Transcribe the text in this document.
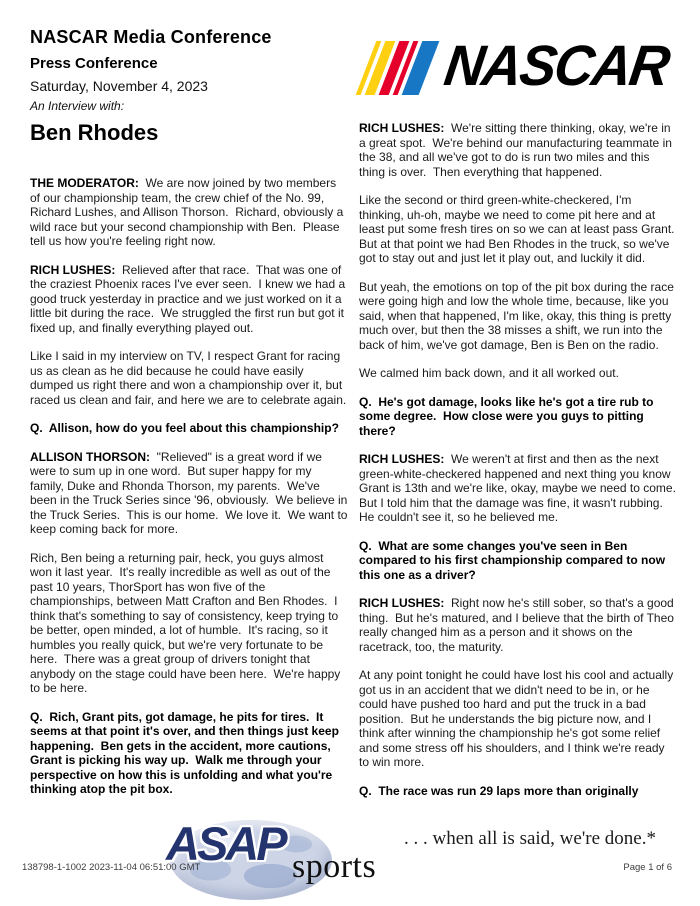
NASCAR Media Conference
Press Conference
Saturday, November 4, 2023
An Interview with:
Ben Rhodes
NASCAR

THE MODERATOR:  We are now joined by two members of our championship team, the crew chief of the No. 99, Richard Lushes, and Allison Thorson.  Richard, obviously a wild race but your second championship with Ben.  Please tell us how you're feeling right now.

RICH LUSHES:  Relieved after that race.  That was one of the craziest Phoenix races I've ever seen.  I knew we had a good truck yesterday in practice and we just worked on it a little bit during the race.  We struggled the first run but got it fixed up, and finally everything played out.

Like I said in my interview on TV, I respect Grant for racing us as clean as he did because he could have easily dumped us right there and won a championship over it, but raced us clean and fair, and here we are to celebrate again.

Q.  Allison, how do you feel about this championship?

ALLISON THORSON:  "Relieved" is a great word if we were to sum up in one word.  But super happy for my family, Duke and Rhonda Thorson, my parents.  We've been in the Truck Series since '96, obviously.  We believe in the Truck Series.  This is our home.  We love it.  We want to keep coming back for more.

Rich, Ben being a returning pair, heck, you guys almost won it last year.  It's really incredible as well as out of the past 10 years, ThorSport has won five of the championships, between Matt Crafton and Ben Rhodes.  I think that's something to say of consistency, keep trying to be better, open minded, a lot of humble.  It's racing, so it humbles you really quick, but we're very fortunate to be here.  There was a great group of drivers tonight that anybody on the stage could have been here.  We're happy to be here.

Q.  Rich, Grant pits, got damage, he pits for tires.  It seems at that point it's over, and then things just keep happening.  Ben gets in the accident, more cautions, Grant is picking his way up.  Walk me through your perspective on how this is unfolding and what you're thinking atop the pit box.

RICH LUSHES:  We're sitting there thinking, okay, we're in a great spot.  We're behind our manufacturing teammate in the 38, and all we've got to do is run two miles and this thing is over.  Then everything that happened.

Like the second or third green-white-checkered, I'm thinking, uh-oh, maybe we need to come pit here and at least put some fresh tires on so we can at least pass Grant.  But at that point we had Ben Rhodes in the truck, so we've got to stay out and just let it play out, and luckily it did.

But yeah, the emotions on top of the pit box during the race were going high and low the whole time, because, like you said, when that happened, I'm like, okay, this thing is pretty much over, but then the 38 misses a shift, we run into the back of him, we've got damage, Ben is Ben on the radio.

We calmed him back down, and it all worked out.

Q.  He's got damage, looks like he's got a tire rub to some degree.  How close were you guys to pitting there?

RICH LUSHES:  We weren't at first and then as the next green-white-checkered happened and next thing you know Grant is 13th and we're like, okay, maybe we need to come.  But I told him that the damage was fine, it wasn't rubbing.  He couldn't see it, so he believed me.

Q.  What are some changes you've seen in Ben compared to his first championship compared to now this one as a driver?

RICH LUSHES:  Right now he's still sober, so that's a good thing.  But he's matured, and I believe that the birth of Theo really changed him as a person and it shows on the racetrack, too, the maturity.

At any point tonight he could have lost his cool and actually got us in an accident that we didn't need to be in, or he could have pushed too hard and put the truck in a bad position.  But he understands the big picture now, and I think after winning the championship he's got some relief and some stress off his shoulders, and I think we're ready to win more.

Q.  The race was run 29 laps more than originally

ASAP sports
. . . when all is said, we're done.*
138798-1-1002 2023-11-04 06:51:00 GMT	Page 1 of 6
